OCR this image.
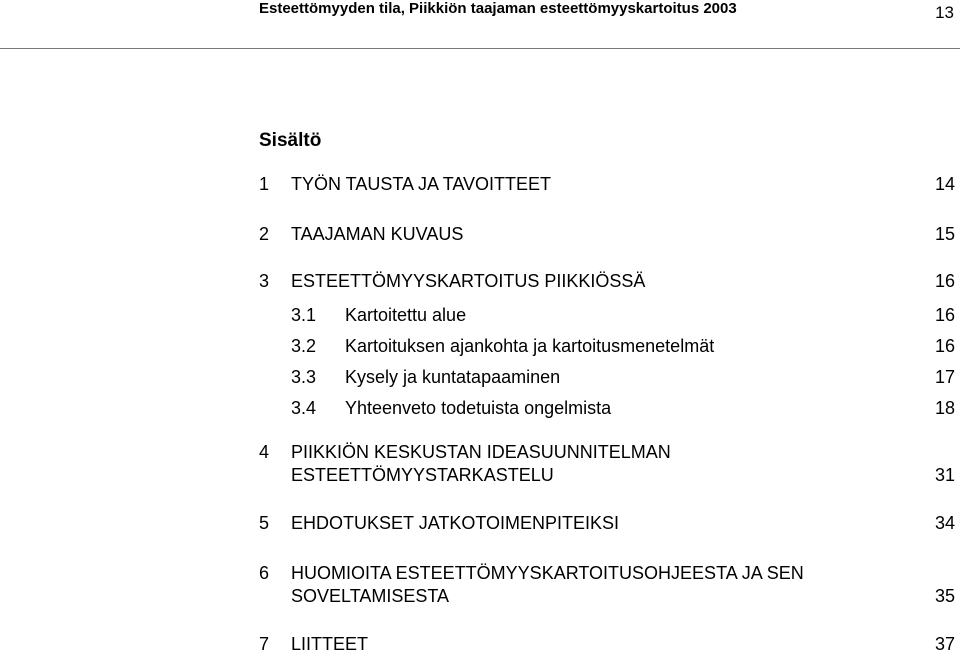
Esteettömyyden tila, Piikkiön taajaman esteettömyyskartoitus 2003	13
Sisältö
1 TYÖN TAUSTA JA TAVOITTEET	14
2 TAAJAMAN KUVAUS	15
3 ESTEETTÖMYYSKARTOITUS PIIKKIÖSSÄ	16
3.1 Kartoitettu alue	16
3.2 Kartoituksen ajankohta ja kartoitusmenetelmät	16
3.3 Kysely ja kuntatapaaminen	17
3.4 Yhteenveto todetuista ongelmista	18
4 PIIKKIÖN KESKUSTAN IDEASUUNNITELMAN
ESTEETTÖMYYSTARKASTELU	31
5 EHDOTUKSET JATKOTOIMENPITEIKSI	34
6 HUOMIOITA ESTEETTÖMYYSKARTOITUSOHJEESTA JA SEN
SOVELTAMISESTA	35
7 LIITTEET	37
